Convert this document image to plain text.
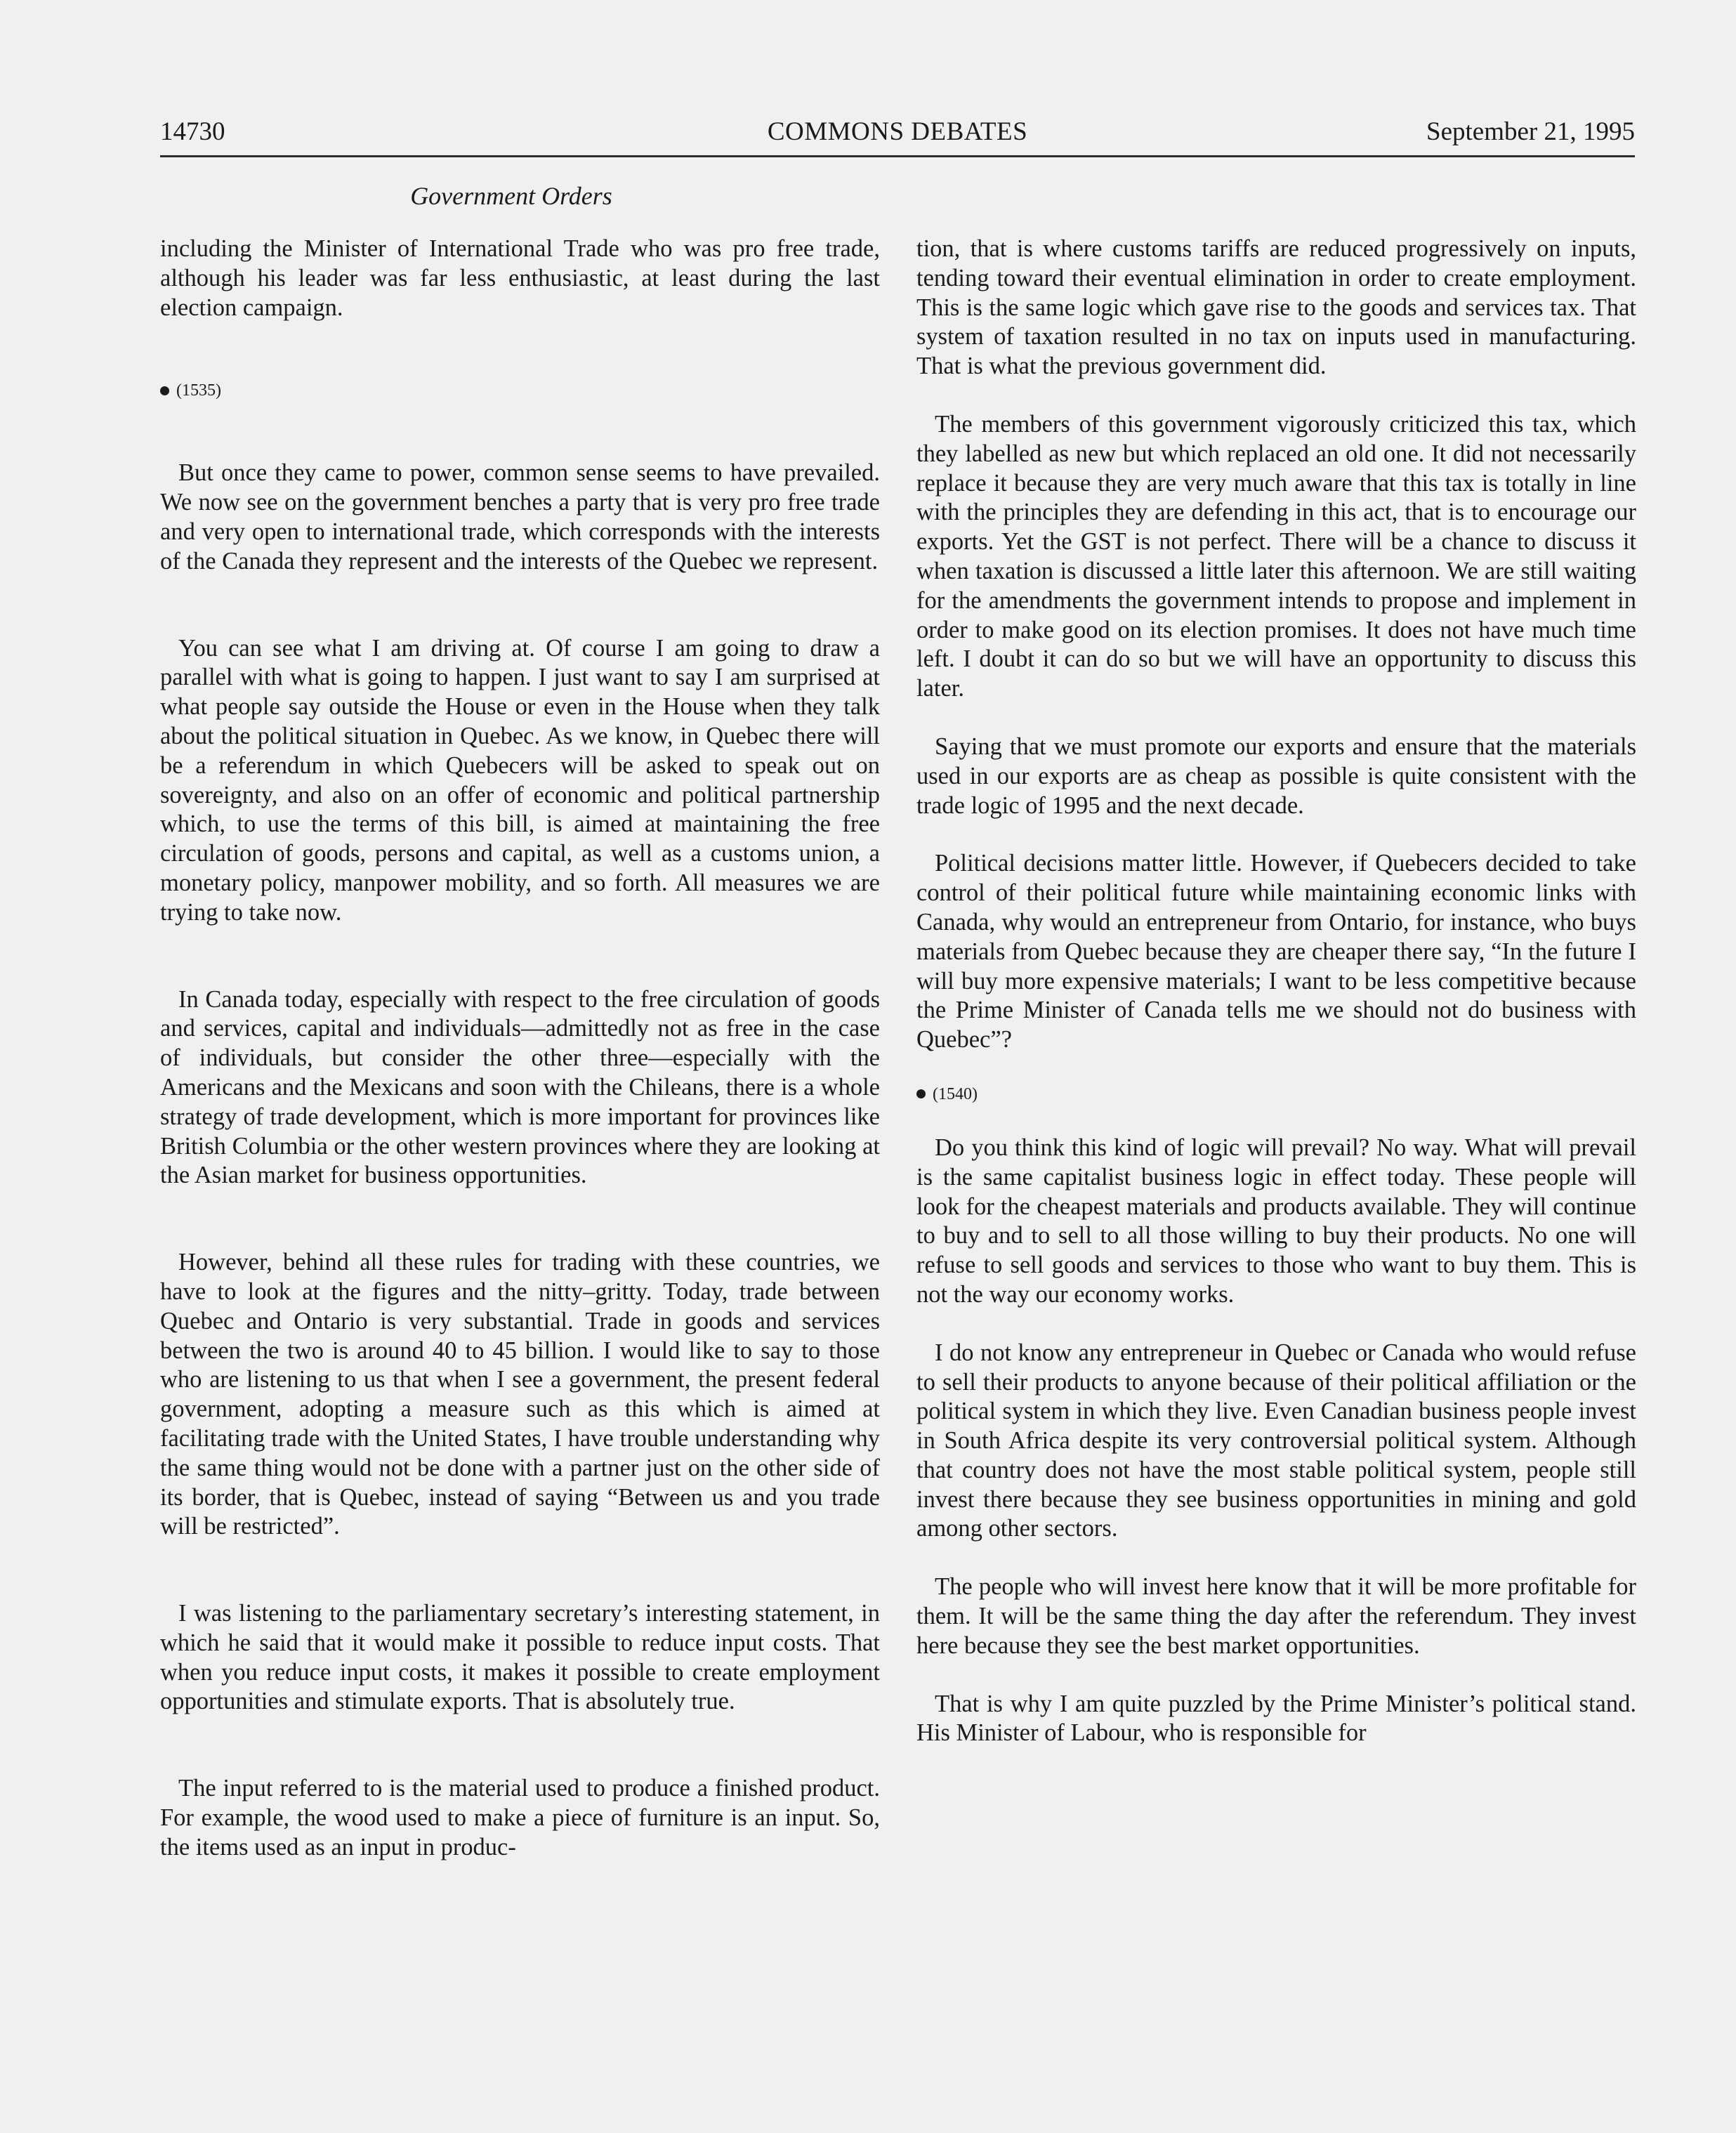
14730	COMMONS DEBATES	September 21, 1995
Government Orders

including the Minister of International Trade who was pro free trade, although his leader was far less enthusiastic, at least during the last election campaign.

(1535)

But once they came to power, common sense seems to have prevailed. We now see on the government benches a party that is very pro free trade and very open to international trade, which corresponds with the interests of the Canada they represent and the interests of the Quebec we represent.

You can see what I am driving at. Of course I am going to draw a parallel with what is going to happen. I just want to say I am surprised at what people say outside the House or even in the House when they talk about the political situation in Quebec. As we know, in Quebec there will be a referendum in which Quebecers will be asked to speak out on sovereignty, and also on an offer of economic and political partnership which, to use the terms of this bill, is aimed at maintaining the free circulation of goods, persons and capital, as well as a customs union, a monetary policy, manpower mobility, and so forth. All measures we are trying to take now.

In Canada today, especially with respect to the free circulation of goods and services, capital and individuals—admittedly not as free in the case of individuals, but consider the other three—especially with the Americans and the Mexicans and soon with the Chileans, there is a whole strategy of trade development, which is more important for provinces like British Columbia or the other western provinces where they are looking at the Asian market for business opportunities.

However, behind all these rules for trading with these countries, we have to look at the figures and the nitty–gritty. Today, trade between Quebec and Ontario is very substantial. Trade in goods and services between the two is around 40 to 45 billion. I would like to say to those who are listening to us that when I see a government, the present federal government, adopting a measure such as this which is aimed at facilitating trade with the United States, I have trouble understanding why the same thing would not be done with a partner just on the other side of its border, that is Quebec, instead of saying “Between us and you trade will be restricted”.

I was listening to the parliamentary secretary’s interesting statement, in which he said that it would make it possible to reduce input costs. That when you reduce input costs, it makes it possible to create employment opportunities and stimulate exports. That is absolutely true.

The input referred to is the material used to produce a finished product. For example, the wood used to make a piece of furniture is an input. So, the items used as an input in produc-

tion, that is where customs tariffs are reduced progressively on inputs, tending toward their eventual elimination in order to create employment. This is the same logic which gave rise to the goods and services tax. That system of taxation resulted in no tax on inputs used in manufacturing. That is what the previous government did.

The members of this government vigorously criticized this tax, which they labelled as new but which replaced an old one. It did not necessarily replace it because they are very much aware that this tax is totally in line with the principles they are defending in this act, that is to encourage our exports. Yet the GST is not perfect. There will be a chance to discuss it when taxation is discussed a little later this afternoon. We are still waiting for the amendments the government intends to propose and implement in order to make good on its election promises. It does not have much time left. I doubt it can do so but we will have an opportunity to discuss this later.

Saying that we must promote our exports and ensure that the materials used in our exports are as cheap as possible is quite consistent with the trade logic of 1995 and the next decade.

Political decisions matter little. However, if Quebecers decided to take control of their political future while maintaining economic links with Canada, why would an entrepreneur from Ontario, for instance, who buys materials from Quebec because they are cheaper there say, “In the future I will buy more expensive materials; I want to be less competitive because the Prime Minister of Canada tells me we should not do business with Quebec”?

(1540)

Do you think this kind of logic will prevail? No way. What will prevail is the same capitalist business logic in effect today. These people will look for the cheapest materials and products available. They will continue to buy and to sell to all those willing to buy their products. No one will refuse to sell goods and services to those who want to buy them. This is not the way our economy works.

I do not know any entrepreneur in Quebec or Canada who would refuse to sell their products to anyone because of their political affiliation or the political system in which they live. Even Canadian business people invest in South Africa despite its very controversial political system. Although that country does not have the most stable political system, people still invest there because they see business opportunities in mining and gold among other sectors.

The people who will invest here know that it will be more profitable for them. It will be the same thing the day after the referendum. They invest here because they see the best market opportunities.

That is why I am quite puzzled by the Prime Minister’s political stand. His Minister of Labour, who is responsible for
